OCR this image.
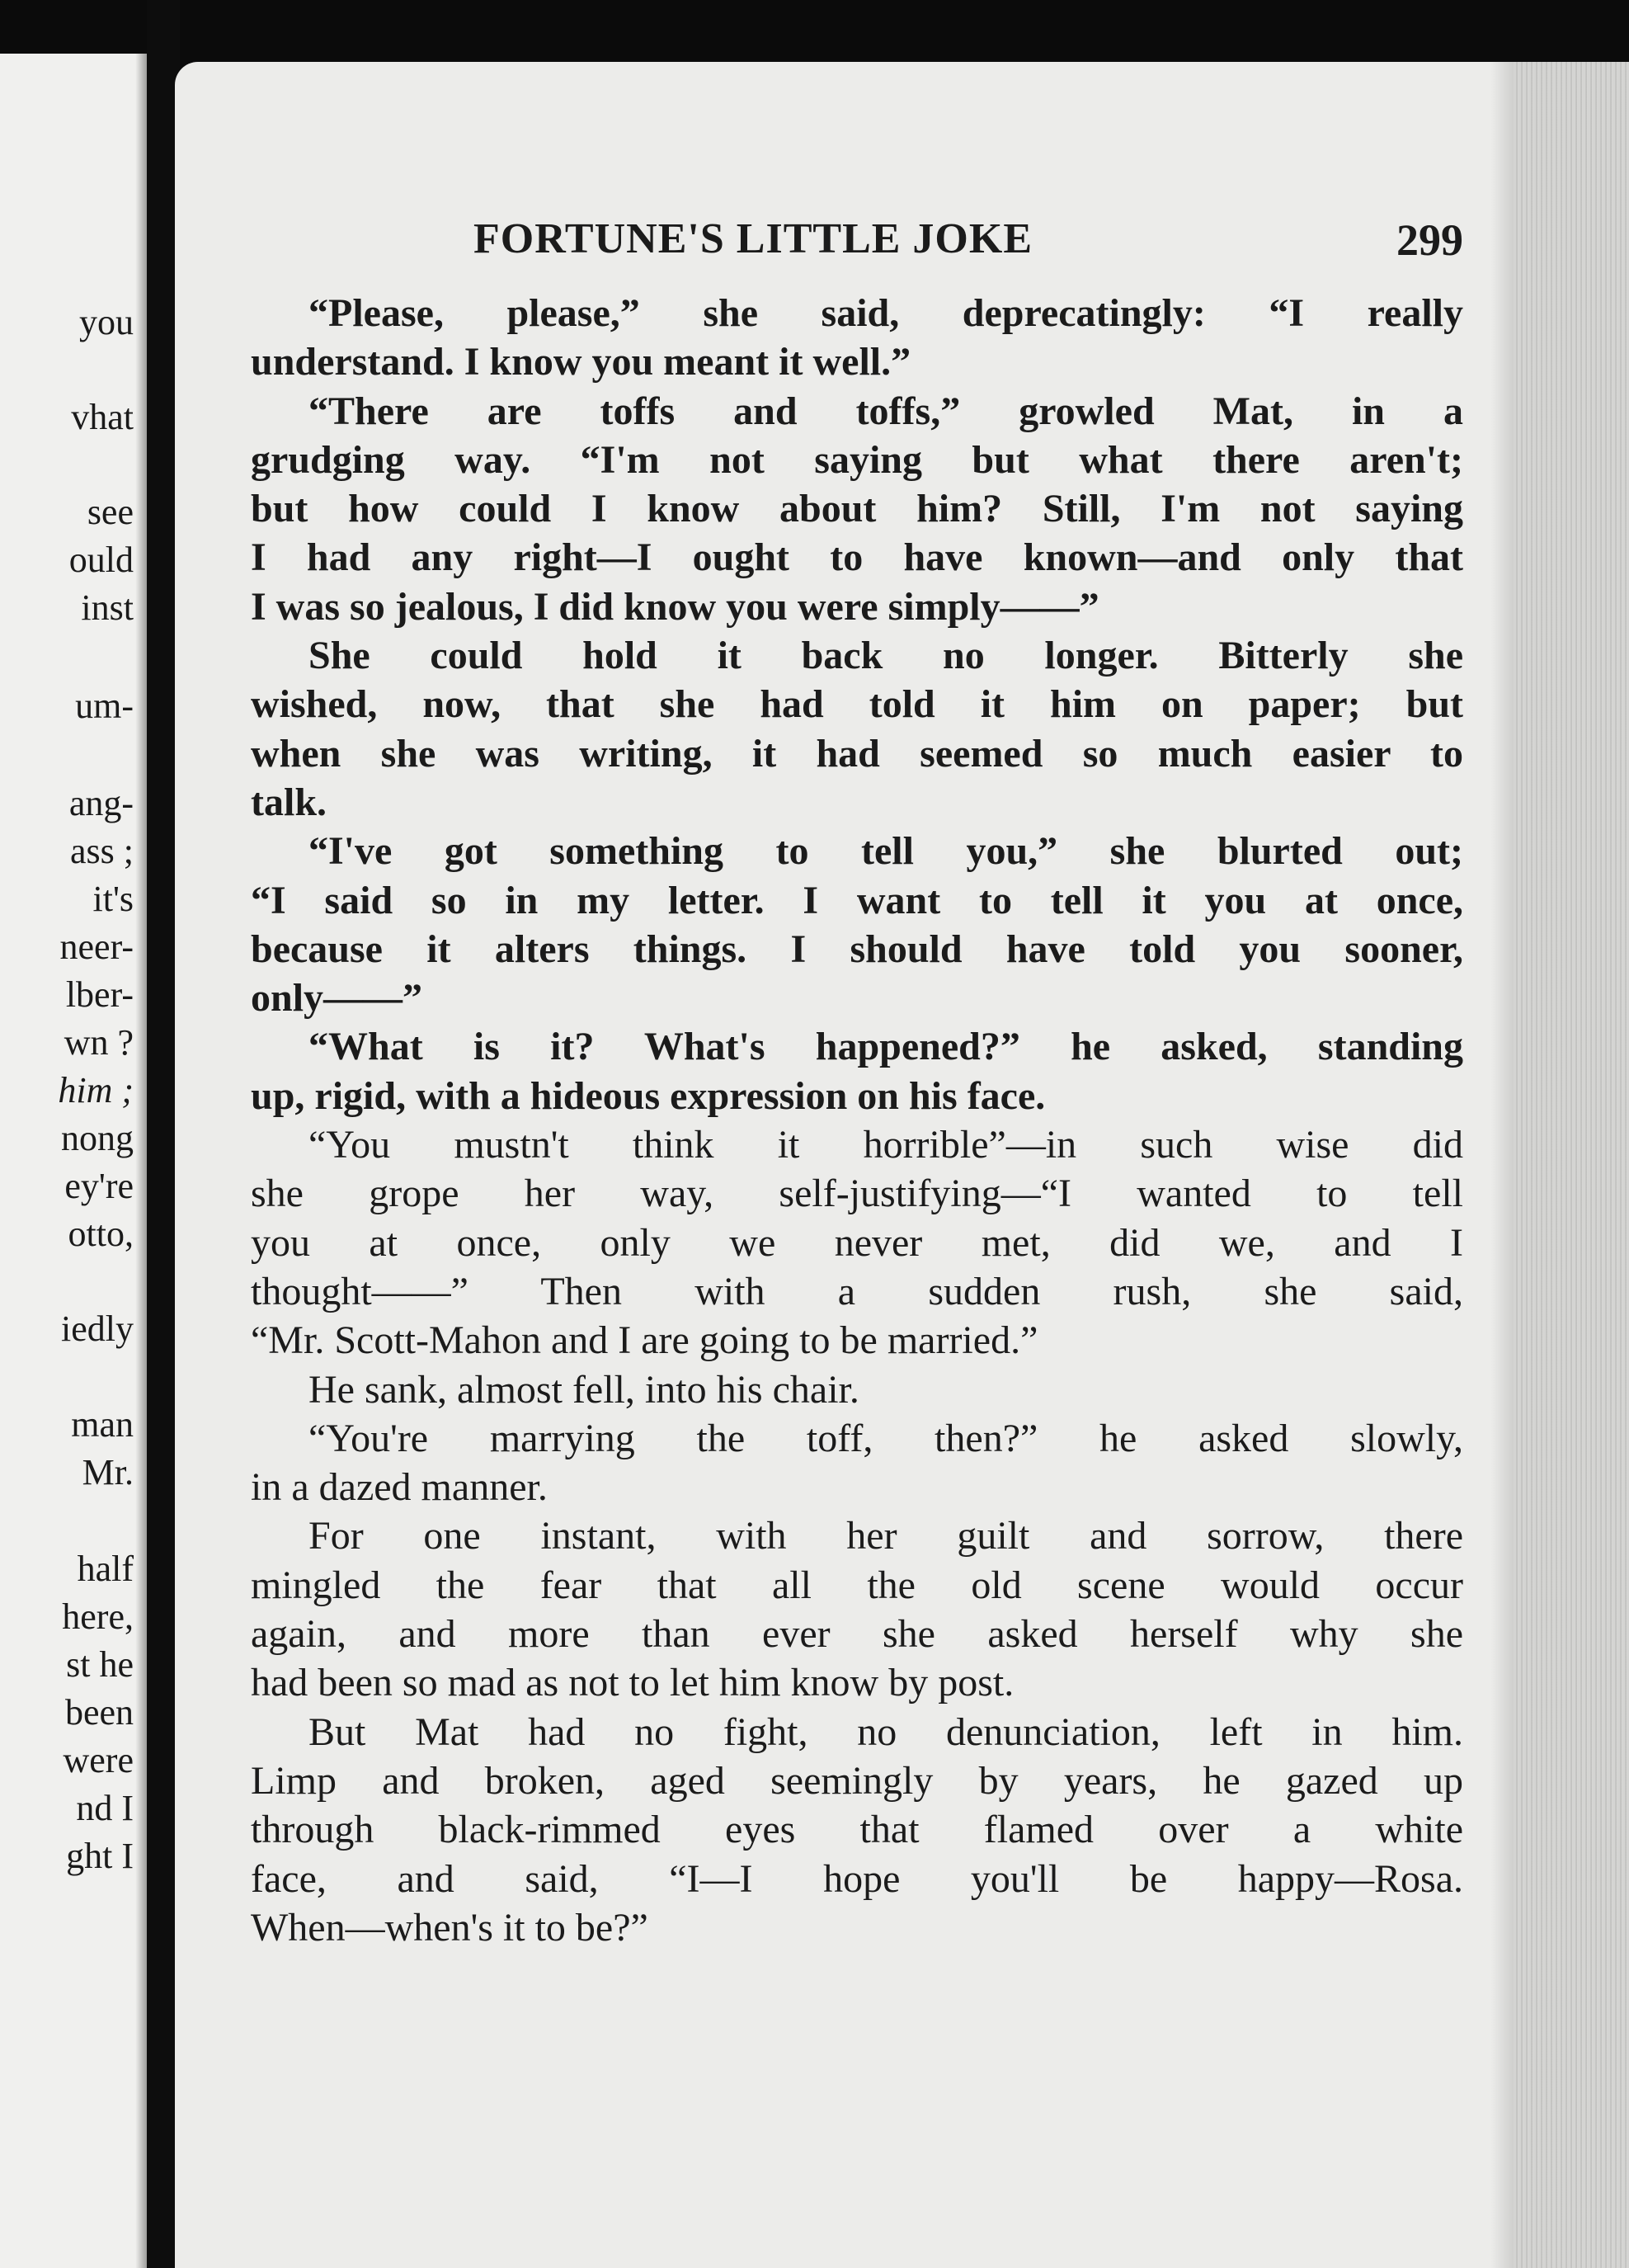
you
vhat
see
ould
inst
um-
ang-
ass ;
it's
neer-
lber-
wn ?
him ;
nong
ey're
otto,
iedly
man
Mr.
half
here,
st he
been
were
nd I
ght I
FORTUNE'S LITTLE JOKE	299
“Please, please,” she said, deprecatingly: “I really
understand. I know you meant it well.”
“There are toffs and toffs,” growled Mat, in a
grudging way. “I'm not saying but what there aren't;
but how could I know about him? Still, I'm not saying
I had any right—I ought to have known—and only that
I was so jealous, I did know you were simply——”
She could hold it back no longer. Bitterly she
wished, now, that she had told it him on paper; but
when she was writing, it had seemed so much easier to
talk.
“I've got something to tell you,” she blurted out;
“I said so in my letter. I want to tell it you at once,
because it alters things. I should have told you sooner,
only——”
“What is it? What's happened?” he asked, standing
up, rigid, with a hideous expression on his face.
“You mustn't think it horrible”—in such wise did
she grope her way, self-justifying—“I wanted to tell
you at once, only we never met, did we, and I
thought——” Then with a sudden rush, she said,
“Mr. Scott-Mahon and I are going to be married.”
He sank, almost fell, into his chair.
“You're marrying the toff, then?” he asked slowly,
in a dazed manner.
For one instant, with her guilt and sorrow, there
mingled the fear that all the old scene would occur
again, and more than ever she asked herself why she
had been so mad as not to let him know by post.
But Mat had no fight, no denunciation, left in him.
Limp and broken, aged seemingly by years, he gazed up
through black-rimmed eyes that flamed over a white
face, and said, “I—I hope you'll be happy—Rosa.
When—when's it to be?”
